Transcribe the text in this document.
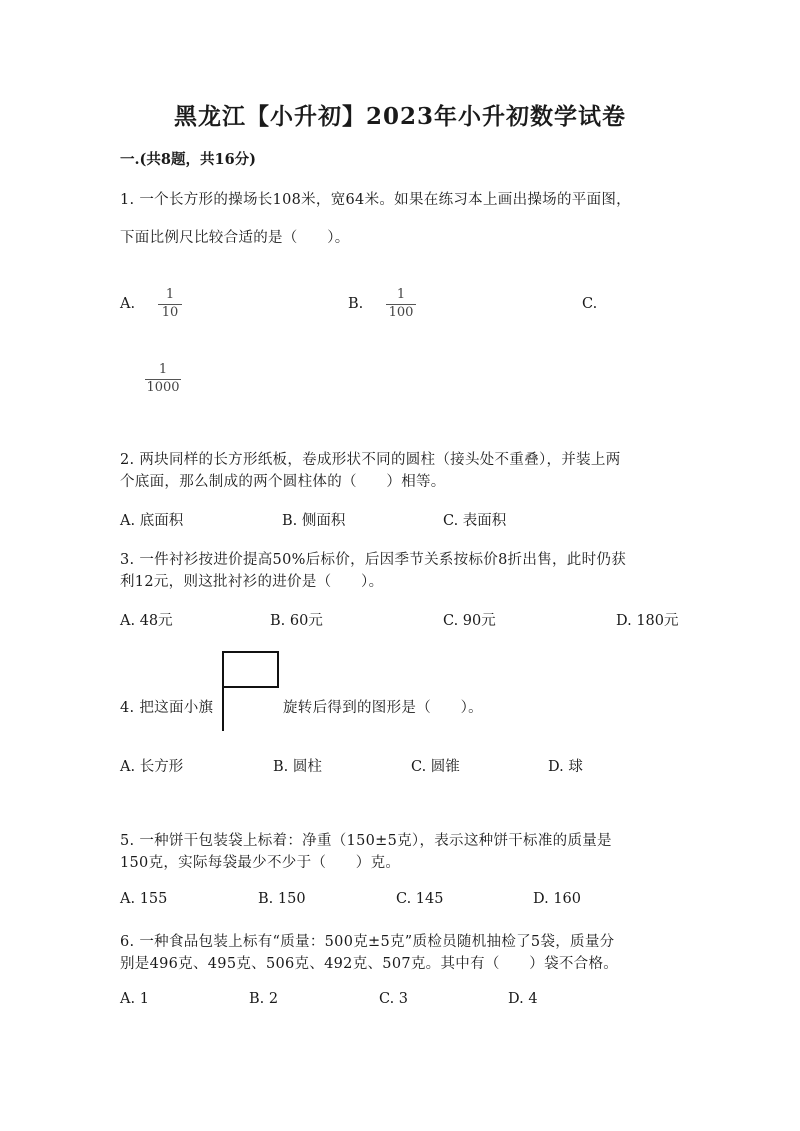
黑龙江【小升初】2023年小升初数学试卷
一.(共8题，共16分)
1. 一个长方形的操场长108米，宽64米。如果在练习本上画出操场的平面图，
下面比例尺比较合适的是（　　）。
A.
1
10
B.
1
100
C.
1
1000
2. 两块同样的长方形纸板，卷成形状不同的圆柱（接头处不重叠），并装上两
个底面，那么制成的两个圆柱体的（　　）相等。
A. 底面积	B. 侧面积	C. 表面积
3. 一件衬衫按进价提高50%后标价，后因季节关系按标价8折出售，此时仍获
利12元，则这批衬衫的进价是（　　）。
A. 48元	B. 60元	C. 90元	D. 180元
4. 把这面小旗	旋转后得到的图形是（　　）。
A. 长方形	B. 圆柱	C. 圆锥	D. 球
5. 一种饼干包装袋上标着：净重（150±5克），表示这种饼干标准的质量是
150克，实际每袋最少不少于（　　）克。
A. 155	B. 150	C. 145	D. 160
6. 一种食品包装上标有“质量：500克±5克”质检员随机抽检了5袋，质量分
别是496克、495克、506克、492克、507克。其中有（　　）袋不合格。
A. 1	B. 2	C. 3	D. 4
